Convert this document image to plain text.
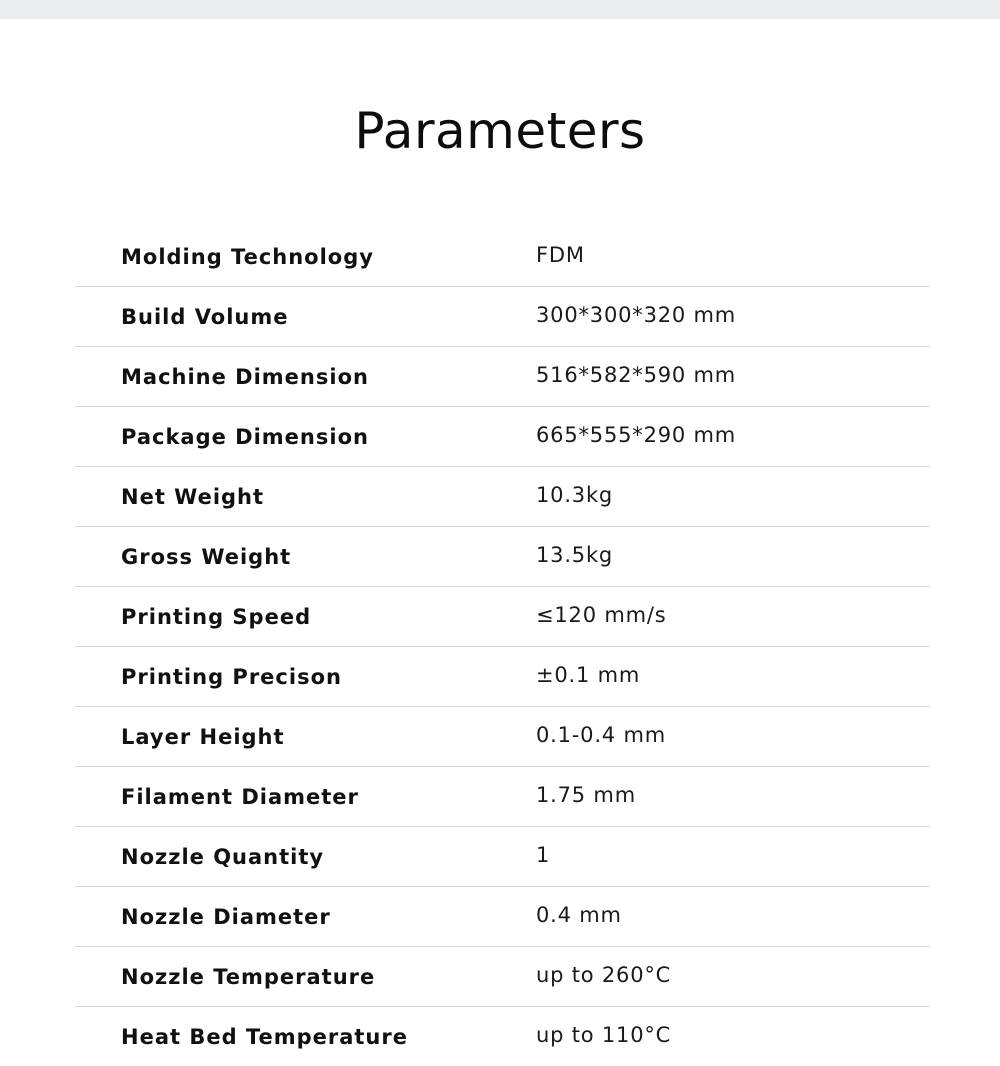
Parameters
Molding Technology	FDM
Build Volume	300*300*320 mm
Machine Dimension	516*582*590 mm
Package Dimension	665*555*290 mm
Net Weight	10.3kg
Gross Weight	13.5kg
Printing Speed	≤120 mm/s
Printing Precison	±0.1 mm
Layer Height	0.1-0.4 mm
Filament Diameter	1.75 mm
Nozzle Quantity	1
Nozzle Diameter	0.4 mm
Nozzle Temperature	up to 260°C
Heat Bed Temperature	up to 110°C
